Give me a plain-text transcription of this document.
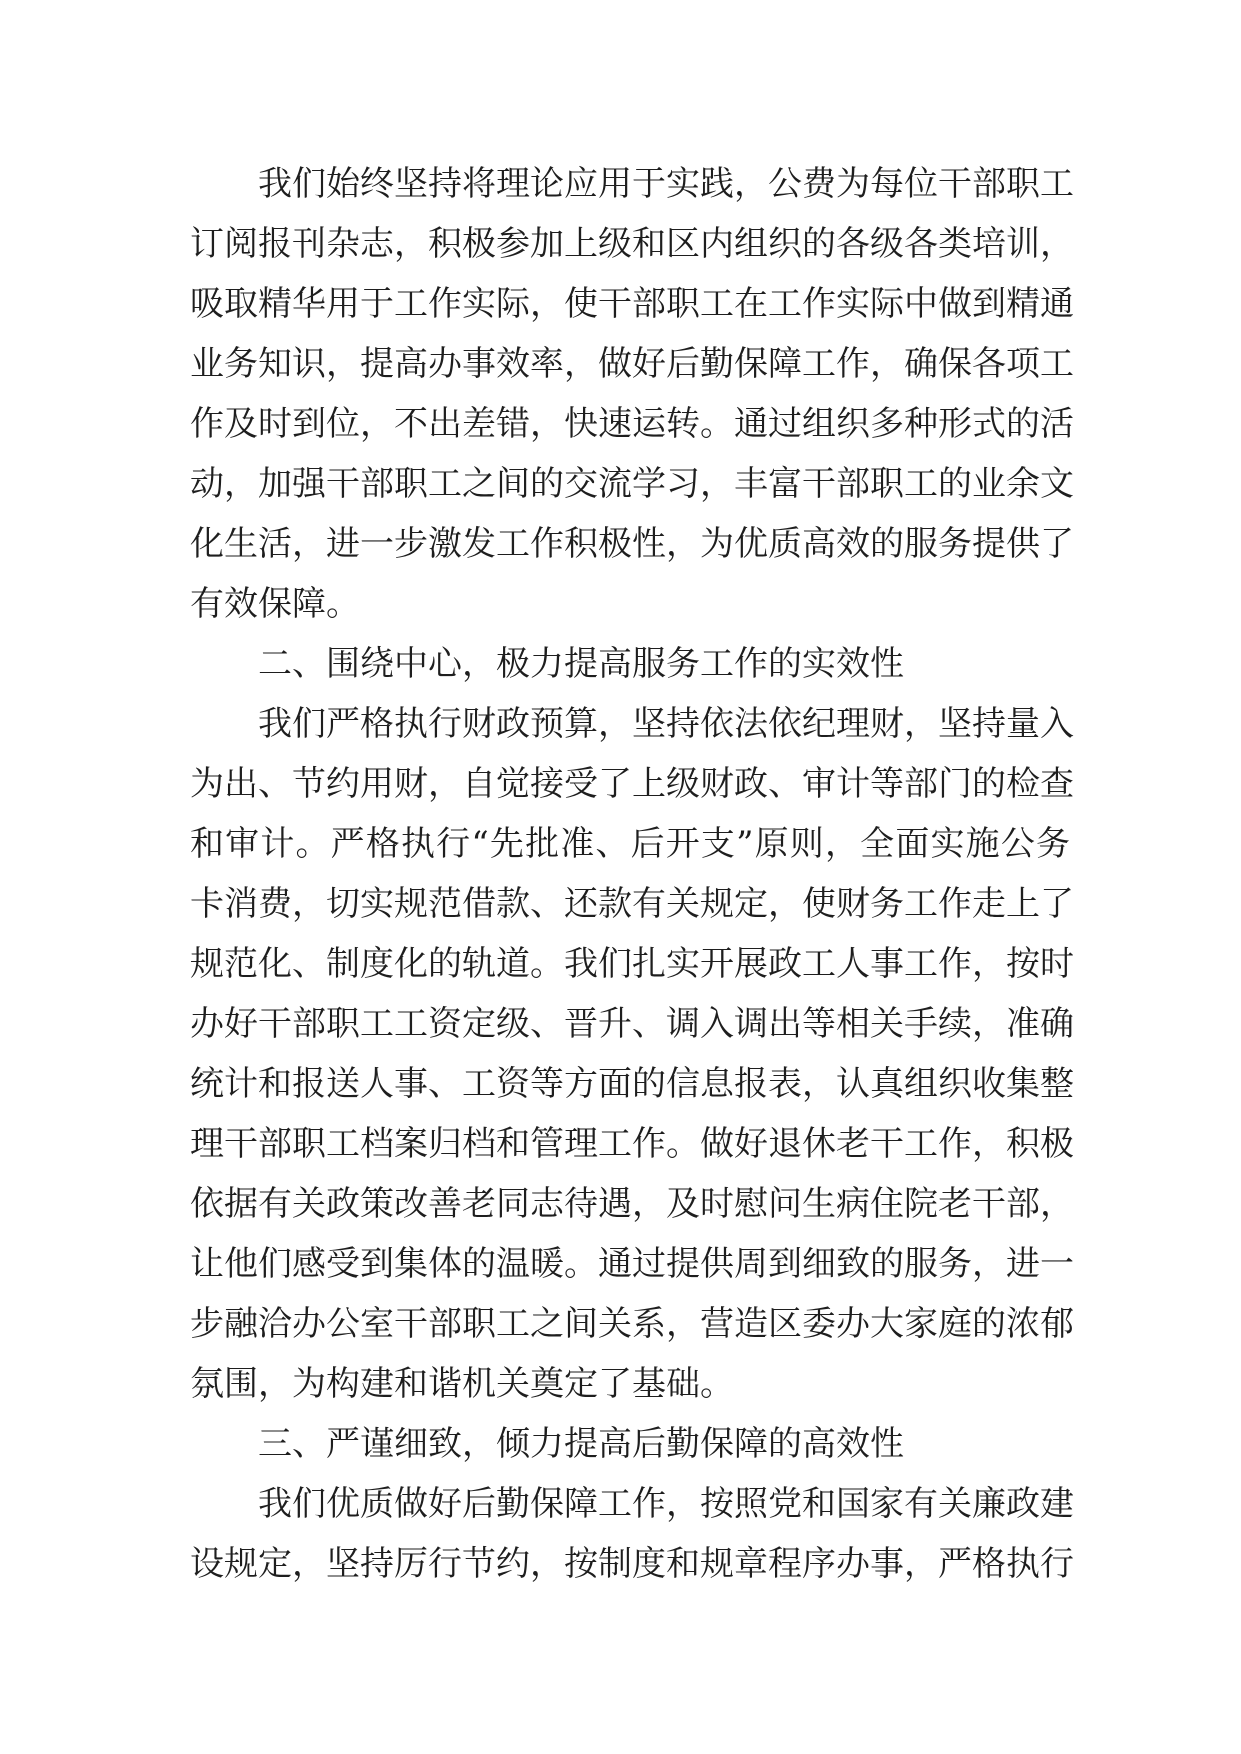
我们始终坚持将理论应用于实践，公费为每位干部职工
订阅报刊杂志，积极参加上级和区内组织的各级各类培训，
吸取精华用于工作实际，使干部职工在工作实际中做到精通
业务知识，提高办事效率，做好后勤保障工作，确保各项工
作及时到位，不出差错，快速运转。通过组织多种形式的活
动，加强干部职工之间的交流学习，丰富干部职工的业余文
化生活，进一步激发工作积极性，为优质高效的服务提供了
有效保障。
二、围绕中心，极力提高服务工作的实效性
我们严格执行财政预算，坚持依法依纪理财，坚持量入
为出、节约用财，自觉接受了上级财政、审计等部门的检查
和审计。严格执行“先批准、后开支”原则，全面实施公务
卡消费，切实规范借款、还款有关规定，使财务工作走上了
规范化、制度化的轨道。我们扎实开展政工人事工作，按时
办好干部职工工资定级、晋升、调入调出等相关手续，准确
统计和报送人事、工资等方面的信息报表，认真组织收集整
理干部职工档案归档和管理工作。做好退休老干工作，积极
依据有关政策改善老同志待遇，及时慰问生病住院老干部，
让他们感受到集体的温暖。通过提供周到细致的服务，进一
步融洽办公室干部职工之间关系，营造区委办大家庭的浓郁
氛围，为构建和谐机关奠定了基础。
三、严谨细致，倾力提高后勤保障的高效性
我们优质做好后勤保障工作，按照党和国家有关廉政建
设规定，坚持厉行节约，按制度和规章程序办事，严格执行
